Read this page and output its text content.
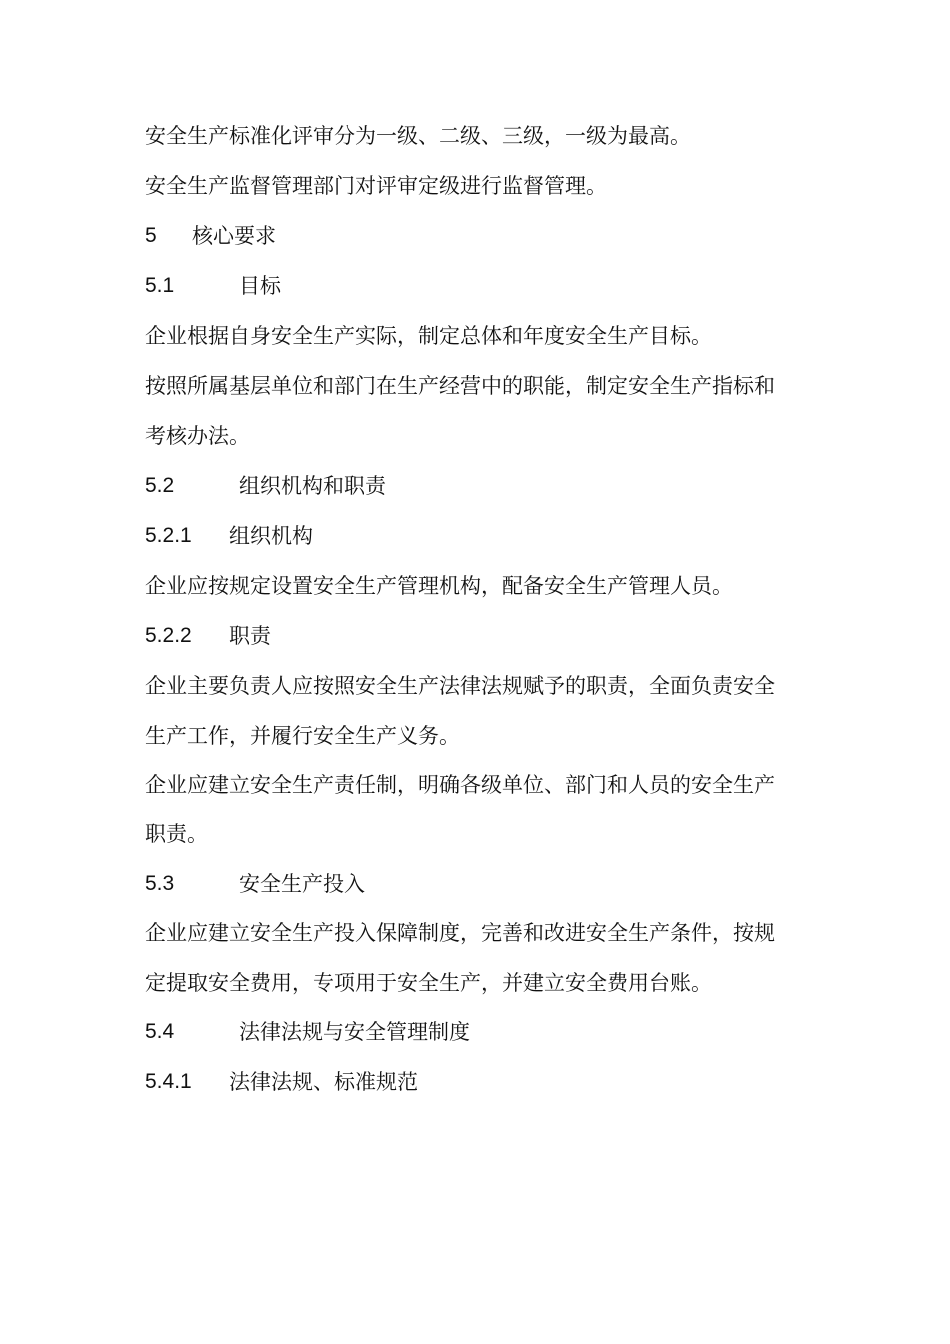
安全生产标准化评审分为一级、二级、三级，一级为最高。
安全生产监督管理部门对评审定级进行监督管理。
5 核心要求
5.1	目标
企业根据自身安全生产实际，制定总体和年度安全生产目标。
按照所属基层单位和部门在生产经营中的职能，制定安全生产指标和
考核办法。
5.2	组织机构和职责
5.2.1 组织机构
企业应按规定设置安全生产管理机构，配备安全生产管理人员。
5.2.2 职责
企业主要负责人应按照安全生产法律法规赋予的职责，全面负责安全
生产工作，并履行安全生产义务。
企业应建立安全生产责任制，明确各级单位、部门和人员的安全生产
职责。
5.3	安全生产投入
企业应建立安全生产投入保障制度，完善和改进安全生产条件，按规
定提取安全费用，专项用于安全生产，并建立安全费用台账。
5.4	法律法规与安全管理制度
5.4.1 法律法规、标准规范
